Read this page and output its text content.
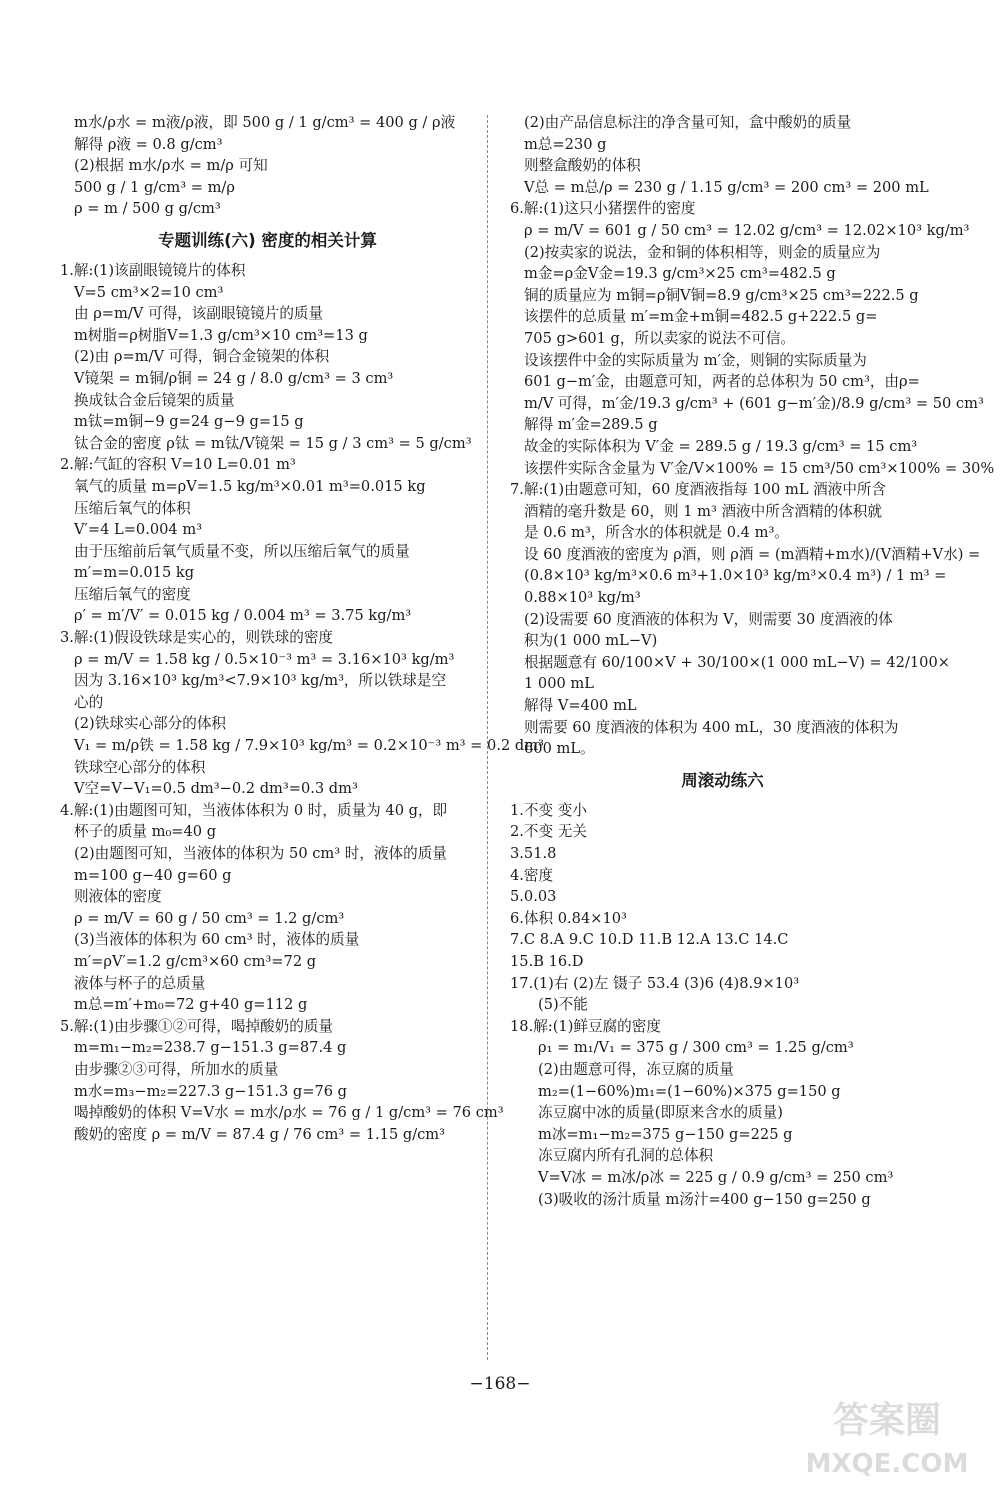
m水/ρ水 = m液/ρ液，即 500 g / 1 g/cm³ = 400 g / ρ液
解得 ρ液 = 0.8 g/cm³
(2)根据 m水/ρ水 = m/ρ 可知
500 g / 1 g/cm³ = m/ρ
ρ = m / 500 g g/cm³
专题训练(六) 密度的相关计算
1.解:(1)该副眼镜镜片的体积
V=5 cm³×2=10 cm³
由 ρ=m/V 可得，该副眼镜镜片的质量
m树脂=ρ树脂V=1.3 g/cm³×10 cm³=13 g
(2)由 ρ=m/V 可得，铜合金镜架的体积
V镜架 = m铜/ρ铜 = 24 g / 8.0 g/cm³ = 3 cm³
换成钛合金后镜架的质量
m钛=m铜−9 g=24 g−9 g=15 g
钛合金的密度 ρ钛 = m钛/V镜架 = 15 g / 3 cm³ = 5 g/cm³
2.解:气缸的容积 V=10 L=0.01 m³
氧气的质量 m=ρV=1.5 kg/m³×0.01 m³=0.015 kg
压缩后氧气的体积
V′=4 L=0.004 m³
由于压缩前后氧气质量不变，所以压缩后氧气的质量
m′=m=0.015 kg
压缩后氧气的密度
ρ′ = m′/V′ = 0.015 kg / 0.004 m³ = 3.75 kg/m³
3.解:(1)假设铁球是实心的，则铁球的密度
ρ = m/V = 1.58 kg / 0.5×10⁻³ m³ = 3.16×10³ kg/m³
因为 3.16×10³ kg/m³<7.9×10³ kg/m³，所以铁球是空
心的
(2)铁球实心部分的体积
V₁ = m/ρ铁 = 1.58 kg / 7.9×10³ kg/m³ = 0.2×10⁻³ m³ = 0.2 dm³
铁球空心部分的体积
V空=V−V₁=0.5 dm³−0.2 dm³=0.3 dm³
4.解:(1)由题图可知，当液体体积为 0 时，质量为 40 g，即
杯子的质量 m₀=40 g
(2)由题图可知，当液体的体积为 50 cm³ 时，液体的质量
m=100 g−40 g=60 g
则液体的密度
ρ = m/V = 60 g / 50 cm³ = 1.2 g/cm³
(3)当液体的体积为 60 cm³ 时，液体的质量
m′=ρV′=1.2 g/cm³×60 cm³=72 g
液体与杯子的总质量
m总=m′+m₀=72 g+40 g=112 g
5.解:(1)由步骤①②可得，喝掉酸奶的质量
m=m₁−m₂=238.7 g−151.3 g=87.4 g
由步骤②③可得，所加水的质量
m水=m₃−m₂=227.3 g−151.3 g=76 g
喝掉酸奶的体积 V=V水 = m水/ρ水 = 76 g / 1 g/cm³ = 76 cm³
酸奶的密度 ρ = m/V = 87.4 g / 76 cm³ = 1.15 g/cm³
(2)由产品信息标注的净含量可知，盒中酸奶的质量
m总=230 g
则整盒酸奶的体积
V总 = m总/ρ = 230 g / 1.15 g/cm³ = 200 cm³ = 200 mL
6.解:(1)这只小猪摆件的密度
ρ = m/V = 601 g / 50 cm³ = 12.02 g/cm³ = 12.02×10³ kg/m³
(2)按卖家的说法，金和铜的体积相等，则金的质量应为
m金=ρ金V金=19.3 g/cm³×25 cm³=482.5 g
铜的质量应为 m铜=ρ铜V铜=8.9 g/cm³×25 cm³=222.5 g
该摆件的总质量 m′=m金+m铜=482.5 g+222.5 g=
705 g>601 g，所以卖家的说法不可信。
设该摆件中金的实际质量为 m′金，则铜的实际质量为
601 g−m′金，由题意可知，两者的总体积为 50 cm³，由ρ=
m/V 可得，m′金/19.3 g/cm³ + (601 g−m′金)/8.9 g/cm³ = 50 cm³
解得 m′金=289.5 g
故金的实际体积为 V′金 = 289.5 g / 19.3 g/cm³ = 15 cm³
该摆件实际含金量为 V′金/V×100% = 15 cm³/50 cm³×100% = 30%
7.解:(1)由题意可知，60 度酒液指每 100 mL 酒液中所含
酒精的毫升数是 60，则 1 m³ 酒液中所含酒精的体积就
是 0.6 m³，所含水的体积就是 0.4 m³。
设 60 度酒液的密度为 ρ酒，则 ρ酒 = (m酒精+m水)/(V酒精+V水) =
(0.8×10³ kg/m³×0.6 m³+1.0×10³ kg/m³×0.4 m³) / 1 m³ =
0.88×10³ kg/m³
(2)设需要 60 度酒液的体积为 V，则需要 30 度酒液的体
积为(1 000 mL−V)
根据题意有 60/100×V + 30/100×(1 000 mL−V) = 42/100×
1 000 mL
解得 V=400 mL
则需要 60 度酒液的体积为 400 mL，30 度酒液的体积为
600 mL。
周滚动练六
1.不变 变小
2.不变 无关
3.51.8
4.密度
5.0.03
6.体积 0.84×10³
7.C 8.A 9.C 10.D 11.B 12.A 13.C 14.C
15.B 16.D
17.(1)右 (2)左 镊子 53.4 (3)6 (4)8.9×10³
(5)不能
18.解:(1)鲜豆腐的密度
ρ₁ = m₁/V₁ = 375 g / 300 cm³ = 1.25 g/cm³
(2)由题意可得，冻豆腐的质量
m₂=(1−60%)m₁=(1−60%)×375 g=150 g
冻豆腐中冰的质量(即原来含水的质量)
m冰=m₁−m₂=375 g−150 g=225 g
冻豆腐内所有孔洞的总体积
V=V冰 = m冰/ρ冰 = 225 g / 0.9 g/cm³ = 250 cm³
(3)吸收的汤汁质量 m汤汁=400 g−150 g=250 g
−168−
答案圈
MXQE.COM
